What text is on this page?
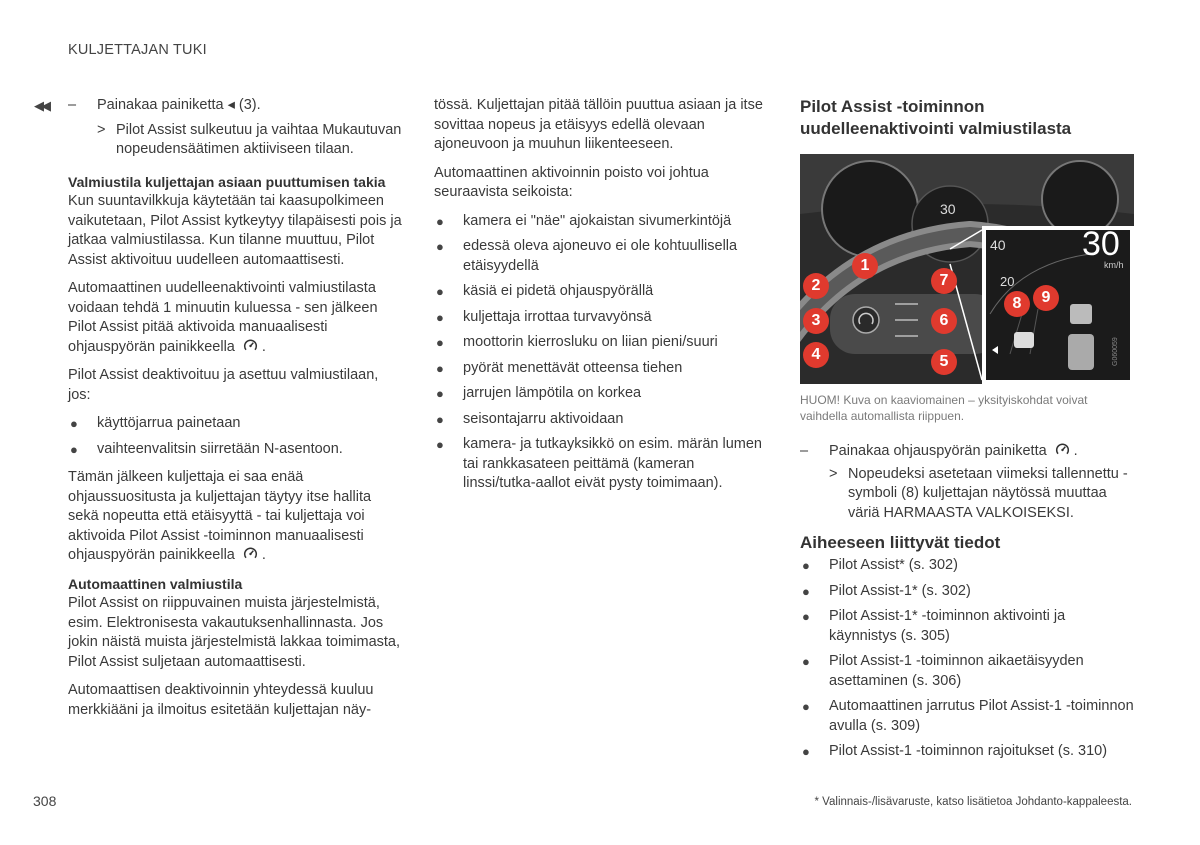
KULJETTAJAN TUKI
◀◀ – Painakaa painiketta ◂ (3).
> Pilot Assist sulkeutuu ja vaihtaa Mukautuvan nopeudensäätimen aktiiviseen tilaan.

Valmiustila kuljettajan asiaan puuttumisen takia

Kun suuntavilkkuja käytetään tai kaasupolkimeen vaikutetaan, Pilot Assist kytkeytyy tilapäisesti pois ja jatkaa valmiustilassa. Kun tilanne muuttuu, Pilot Assist aktivoituu uudelleen automaattisesti.

Automaattinen uudelleenaktivointi valmiustilasta voidaan tehdä 1 minuutin kuluessa - sen jälkeen Pilot Assist pitää aktivoida manuaalisesti ohjauspyörän painikkeella .

Pilot Assist deaktivoituu ja asettuu valmiustilaan, jos:

● käyttöjarrua painetaan
● vaihteenvalitsin siirretään N-asentoon.

Tämän jälkeen kuljettaja ei saa enää ohjaussuositusta ja kuljettajan täytyy itse hallita sekä nopeutta että etäisyyttä - tai kuljettaja voi aktivoida Pilot Assist -toiminnon manuaalisesti ohjauspyörän painikkeella .

Automaattinen valmiustila

Pilot Assist on riippuvainen muista järjestelmistä, esim. Elektronisesta vakautuksenhallinnasta. Jos jokin näistä muista järjestelmistä lakkaa toimimasta, Pilot Assist suljetaan automaattisesti.

Automaattisen deaktivoinnin yhteydessä kuuluu merkkiääni ja ilmoitus esitetään kuljettajan näy-

tössä. Kuljettajan pitää tällöin puuttua asiaan ja itse sovittaa nopeus ja etäisyys edellä olevaan ajoneuvoon ja muuhun liikenteeseen.

Automaattinen aktivoinnin poisto voi johtua seuraavista seikoista:

● kamera ei "näe" ajokaistan sivumerkintöjä
● edessä oleva ajoneuvo ei ole kohtuullisella etäisyydellä
● käsiä ei pidetä ohjauspyörällä
● kuljettaja irrottaa turvavyönsä
● moottorin kierrosluku on liian pieni/suuri
● pyörät menettävät otteensa tiehen
● jarrujen lämpötila on korkea
● seisontajarru aktivoidaan
● kamera- ja tutkayksikkö on esim. märän lumen tai rankkasateen peittämä (kameran linssi/tutka-aallot eivät pysty toimimaan).

Pilot Assist -toiminnon uudelleenaktivointi valmiustilasta

30
km/h
40
20
30
G060059
1
2
3
4	5
6
7
8	9

HUOM! Kuva on kaaviomainen – yksityiskohdat voivat vaihdella automallista riippuen.

– Painakaa ohjauspyörän painiketta .
> Nopeudeksi asetetaan viimeksi tallennettu - symboli (8) kuljettajan näytössä muuttaa väriä HARMAASTA VALKOISEKSI.

Aiheeseen liittyvät tiedot

● Pilot Assist* (s. 302)
● Pilot Assist-1* (s. 302)
● Pilot Assist-1* -toiminnon aktivointi ja käynnistys (s. 305)
● Pilot Assist-1 -toiminnon aikaetäisyyden asettaminen (s. 306)
● Automaattinen jarrutus Pilot Assist-1 -toiminnon avulla (s. 309)
● Pilot Assist-1 -toiminnon rajoitukset (s. 310)
308	* Valinnais-/lisävaruste, katso lisätietoa Johdanto-kappaleesta.
